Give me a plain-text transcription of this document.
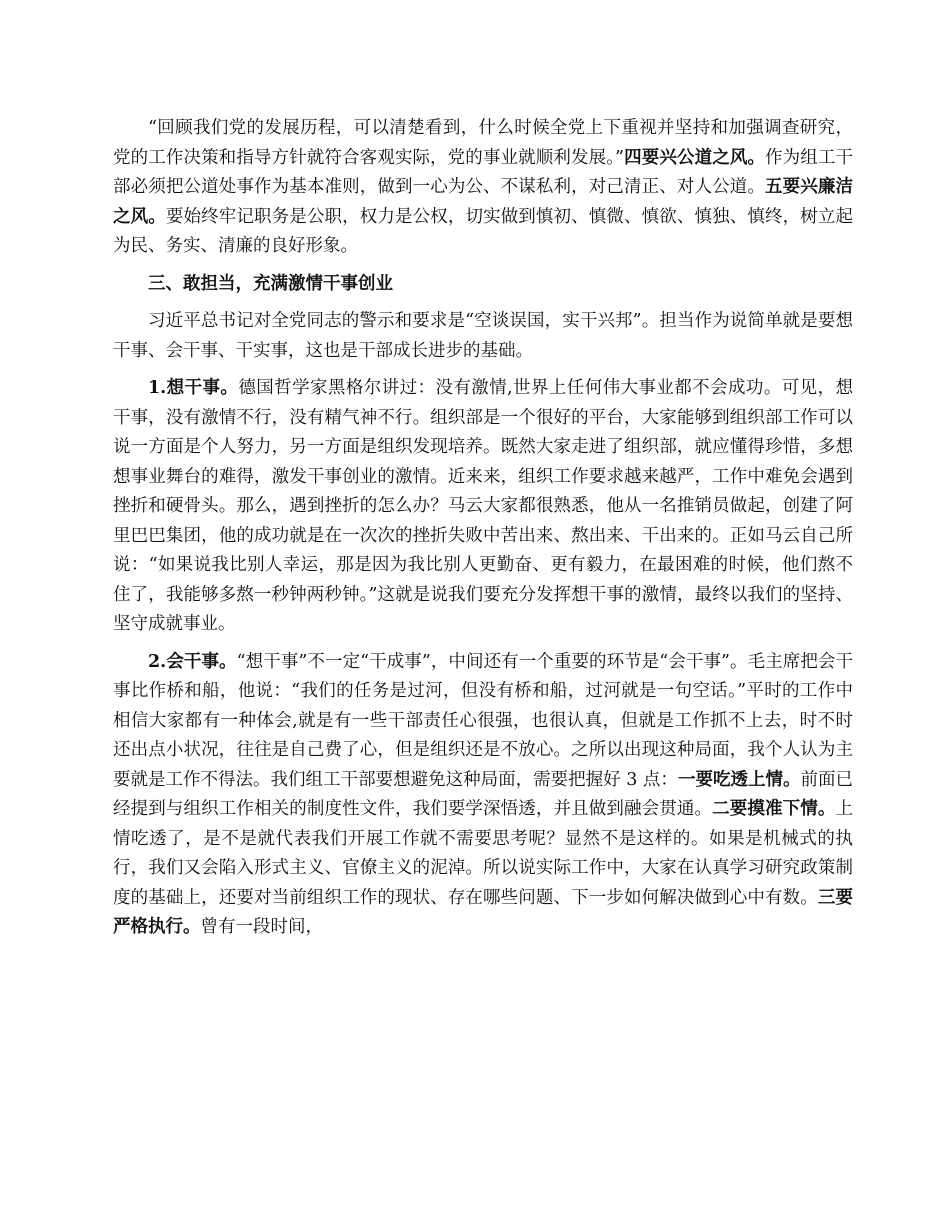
“回顾我们党的发展历程，可以清楚看到，什么时候全党上下重视并坚持和加强调查研究，党的工作决策和指导方针就符合客观实际，党的事业就顺利发展。”四要兴公道之风。作为组工干部必须把公道处事作为基本准则，做到一心为公、不谋私利，对己清正、对人公道。五要兴廉洁之风。要始终牢记职务是公职，权力是公权，切实做到慎初、慎微、慎欲、慎独、慎终，树立起为民、务实、清廉的良好形象。

三、敢担当，充满激情干事创业

习近平总书记对全党同志的警示和要求是“空谈误国，实干兴邦”。担当作为说简单就是要想干事、会干事、干实事，这也是干部成长进步的基础。

1.想干事。德国哲学家黑格尔讲过：没有激情,世界上任何伟大事业都不会成功。可见，想干事，没有激情不行，没有精气神不行。组织部是一个很好的平台，大家能够到组织部工作可以说一方面是个人努力，另一方面是组织发现培养。既然大家走进了组织部，就应懂得珍惜，多想想事业舞台的难得，激发干事创业的激情。近来来，组织工作要求越来越严，工作中难免会遇到挫折和硬骨头。那么，遇到挫折的怎么办？马云大家都很熟悉，他从一名推销员做起，创建了阿里巴巴集团，他的成功就是在一次次的挫折失败中苦出来、熬出来、干出来的。正如马云自己所说：“如果说我比别人幸运，那是因为我比别人更勤奋、更有毅力，在最困难的时候，他们熬不住了，我能够多熬一秒钟两秒钟。”这就是说我们要充分发挥想干事的激情，最终以我们的坚持、坚守成就事业。

2.会干事。“想干事”不一定“干成事”，中间还有一个重要的环节是“会干事”。毛主席把会干事比作桥和船，他说：“我们的任务是过河，但没有桥和船，过河就是一句空话。”平时的工作中相信大家都有一种体会,就是有一些干部责任心很强，也很认真，但就是工作抓不上去，时不时还出点小状况，往往是自己费了心，但是组织还是不放心。之所以出现这种局面，我个人认为主要就是工作不得法。我们组工干部要想避免这种局面，需要把握好 3 点：一要吃透上情。前面已经提到与组织工作相关的制度性文件，我们要学深悟透，并且做到融会贯通。二要摸准下情。上情吃透了，是不是就代表我们开展工作就不需要思考呢？显然不是这样的。如果是机械式的执行，我们又会陷入形式主义、官僚主义的泥淖。所以说实际工作中，大家在认真学习研究政策制度的基础上，还要对当前组织工作的现状、存在哪些问题、下一步如何解决做到心中有数。三要严格执行。曾有一段时间，
